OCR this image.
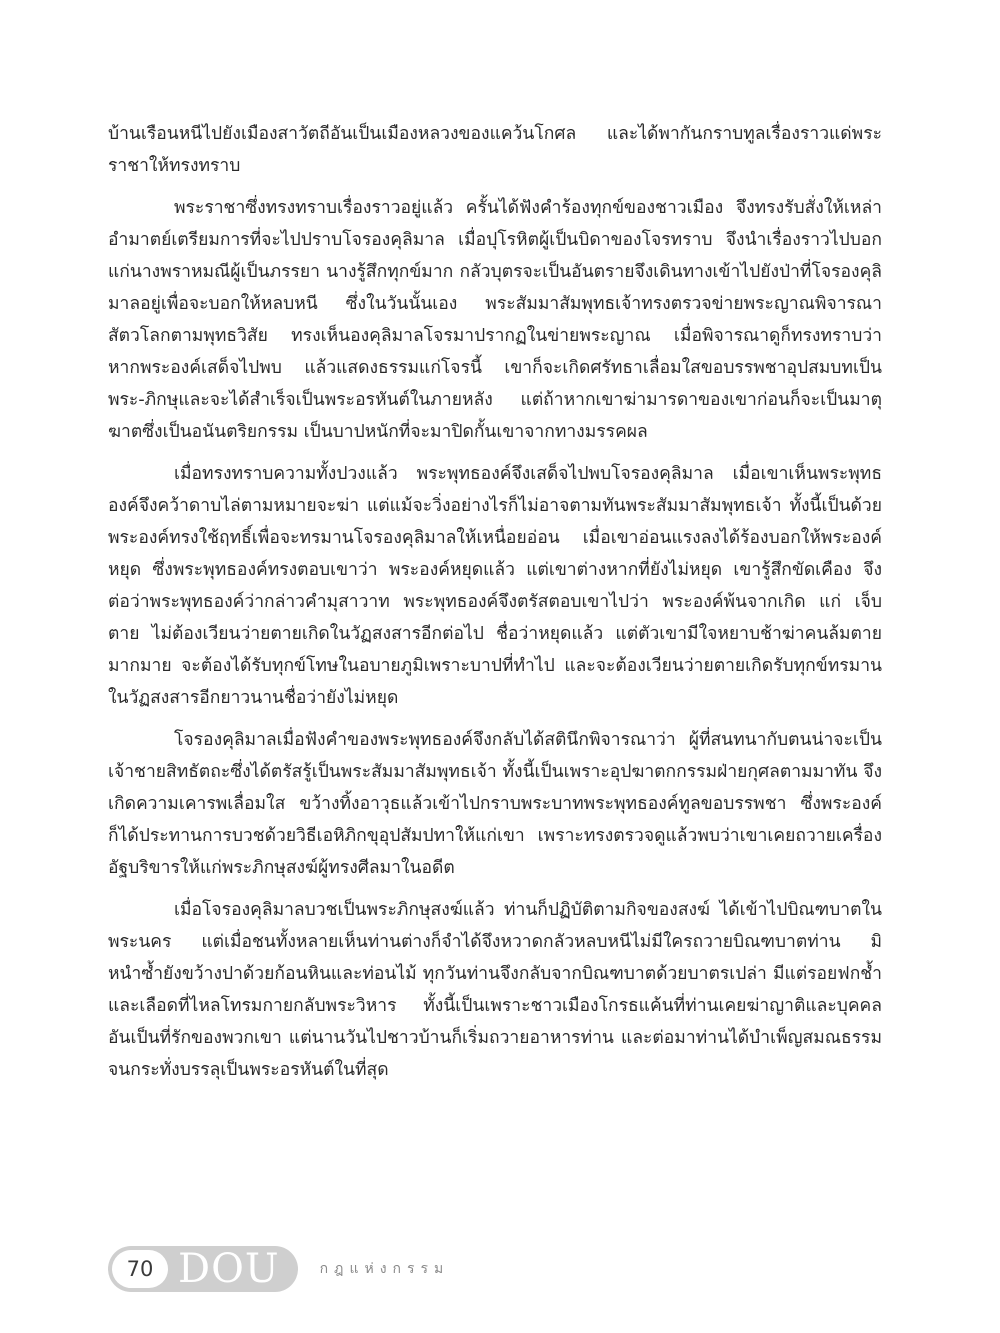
บ้านเรือนหนีไปยังเมืองสาวัตถีอันเป็นเมืองหลวงของแคว้นโกศล และได้พากันกราบทูลเรื่องราวแด่พระราชาให้ทรงทราบ

พระราชาซึ่งทรงทราบเรื่องราวอยู่แล้ว ครั้นได้ฟังคำร้องทุกข์ของชาวเมือง จึงทรงรับสั่งให้เหล่าอำมาตย์เตรียมการที่จะไปปราบโจรองคุลิมาล เมื่อปุโรหิตผู้เป็นบิดาของโจรทราบ จึงนำเรื่องราวไปบอกแก่นางพราหมณีผู้เป็นภรรยา นางรู้สึกทุกข์มาก กลัวบุตรจะเป็นอันตรายจึงเดินทางเข้าไปยังป่าที่โจรองคุลิมาลอยู่เพื่อจะบอกให้หลบหนี ซึ่งในวันนั้นเอง พระสัมมาสัมพุทธเจ้าทรงตรวจข่ายพระญาณพิจารณาสัตวโลกตามพุทธวิสัย ทรงเห็นองคุลิมาลโจรมาปรากฏในข่ายพระญาณ เมื่อพิจารณาดูก็ทรงทราบว่า หากพระองค์เสด็จไปพบ แล้วแสดงธรรมแก่โจรนี้ เขาก็จะเกิดศรัทธาเลื่อมใสขอบรรพชาอุปสมบทเป็นพระ-ภิกษุและจะได้สำเร็จเป็นพระอรหันต์ในภายหลัง แต่ถ้าหากเขาฆ่ามารดาของเขาก่อนก็จะเป็นมาตุฆาตซึ่งเป็นอนันตริยกรรม เป็นบาปหนักที่จะมาปิดกั้นเขาจากทางมรรคผล

เมื่อทรงทราบความทั้งปวงแล้ว พระพุทธองค์จึงเสด็จไปพบโจรองคุลิมาล เมื่อเขาเห็นพระพุทธองค์จึงคว้าดาบไล่ตามหมายจะฆ่า แต่แม้จะวิ่งอย่างไรก็ไม่อาจตามทันพระสัมมาสัมพุทธเจ้า ทั้งนี้เป็นด้วยพระองค์ทรงใช้ฤทธิ์เพื่อจะทรมานโจรองคุลิมาลให้เหนื่อยอ่อน เมื่อเขาอ่อนแรงลงได้ร้องบอกให้พระองค์หยุด ซึ่งพระพุทธองค์ทรงตอบเขาว่า พระองค์หยุดแล้ว แต่เขาต่างหากที่ยังไม่หยุด เขารู้สึกขัดเคือง จึงต่อว่าพระพุทธองค์ว่ากล่าวคำมุสาวาท พระพุทธองค์จึงตรัสตอบเขาไปว่า พระองค์พ้นจากเกิด แก่ เจ็บ ตาย ไม่ต้องเวียนว่ายตายเกิดในวัฏสงสารอีกต่อไป ชื่อว่าหยุดแล้ว แต่ตัวเขามีใจหยาบช้าฆ่าคนล้มตายมากมาย จะต้องได้รับทุกข์โทษในอบายภูมิเพราะบาปที่ทำไป และจะต้องเวียนว่ายตายเกิดรับทุกข์ทรมานในวัฏสงสารอีกยาวนานชื่อว่ายังไม่หยุด

โจรองคุลิมาลเมื่อฟังคำของพระพุทธองค์จึงกลับได้สตินึกพิจารณาว่า ผู้ที่สนทนากับตนน่าจะเป็นเจ้าชายสิทธัตถะซึ่งได้ตรัสรู้เป็นพระสัมมาสัมพุทธเจ้า ทั้งนี้เป็นเพราะอุปฆาตกกรรมฝ่ายกุศลตามมาทัน จึงเกิดความเคารพเลื่อมใส ขว้างทิ้งอาวุธแล้วเข้าไปกราบพระบาทพระพุทธองค์ทูลขอบรรพชา ซึ่งพระองค์ก็ได้ประทานการบวชด้วยวิธีเอหิภิกขุอุปสัมปทาให้แก่เขา เพราะทรงตรวจดูแล้วพบว่าเขาเคยถวายเครื่องอัฐบริขารให้แก่พระภิกษุสงฆ์ผู้ทรงศีลมาในอดีต

เมื่อโจรองคุลิมาลบวชเป็นพระภิกษุสงฆ์แล้ว ท่านก็ปฏิบัติตามกิจของสงฆ์ ได้เข้าไปบิณฑบาตในพระนคร แต่เมื่อชนทั้งหลายเห็นท่านต่างก็จำได้จึงหวาดกลัวหลบหนีไม่มีใครถวายบิณฑบาตท่าน มิหนำซ้ำยังขว้างปาด้วยก้อนหินและท่อนไม้ ทุกวันท่านจึงกลับจากบิณฑบาตด้วยบาตรเปล่า มีแต่รอยฟกช้ำและเลือดที่ไหลโทรมกายกลับพระวิหาร ทั้งนี้เป็นเพราะชาวเมืองโกรธแค้นที่ท่านเคยฆ่าญาติและบุคคลอันเป็นที่รักของพวกเขา แต่นานวันไปชาวบ้านก็เริ่มถวายอาหารท่าน และต่อมาท่านได้บำเพ็ญสมณธรรมจนกระทั่งบรรลุเป็นพระอรหันต์ในที่สุด

70 DOU	กฎแห่งกรรม
